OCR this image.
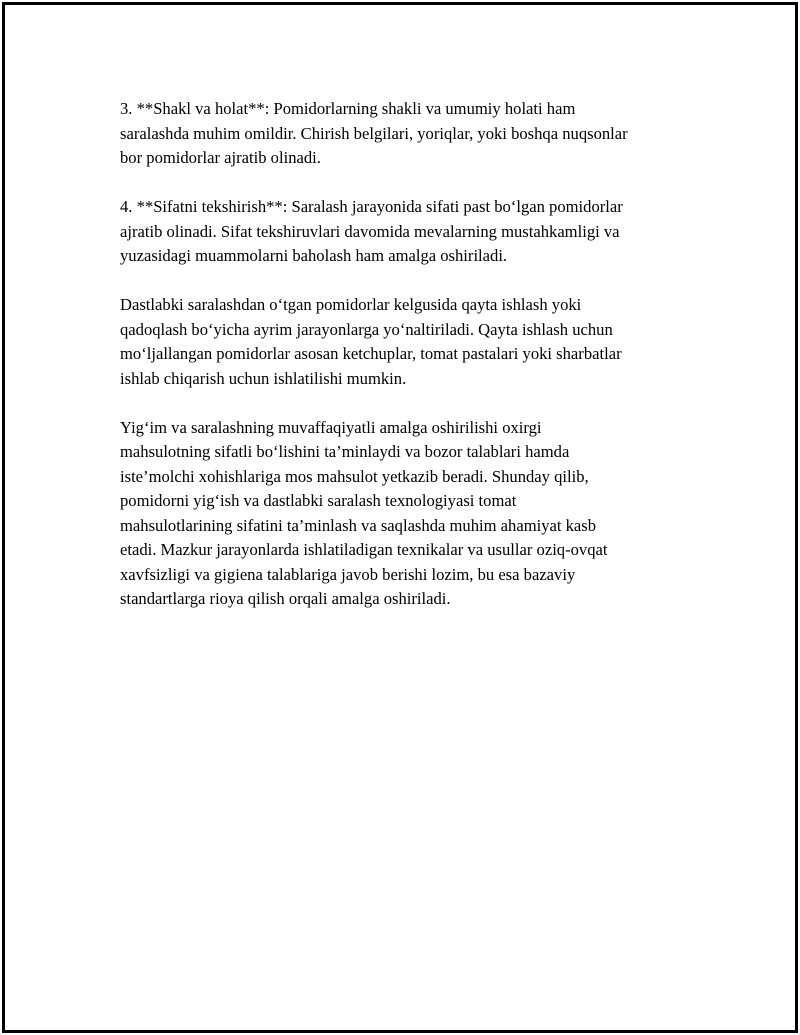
3. **Shakl va holat**: Pomidorlarning shakli va umumiy holati ham
saralashda muhim omildir. Chirish belgilari, yoriqlar, yoki boshqa nuqsonlar
bor pomidorlar ajratib olinadi.

4. **Sifatni tekshirish**: Saralash jarayonida sifati past bo‘lgan pomidorlar
ajratib olinadi. Sifat tekshiruvlari davomida mevalarning mustahkamligi va
yuzasidagi muammolarni baholash ham amalga oshiriladi.

Dastlabki saralashdan o‘tgan pomidorlar kelgusida qayta ishlash yoki
qadoqlash bo‘yicha ayrim jarayonlarga yo‘naltiriladi. Qayta ishlash uchun
mo‘ljallangan pomidorlar asosan ketchuplar, tomat pastalari yoki sharbatlar
ishlab chiqarish uchun ishlatilishi mumkin.

Yig‘im va saralashning muvaffaqiyatli amalga oshirilishi oxirgi
mahsulotning sifatli bo‘lishini ta’minlaydi va bozor talablari hamda
iste’molchi xohishlariga mos mahsulot yetkazib beradi. Shunday qilib,
pomidorni yig‘ish va dastlabki saralash texnologiyasi tomat
mahsulotlarining sifatini ta’minlash va saqlashda muhim ahamiyat kasb
etadi. Mazkur jarayonlarda ishlatiladigan texnikalar va usullar oziq-ovqat
xavfsizligi va gigiena talablariga javob berishi lozim, bu esa bazaviy
standartlarga rioya qilish orqali amalga oshiriladi.
